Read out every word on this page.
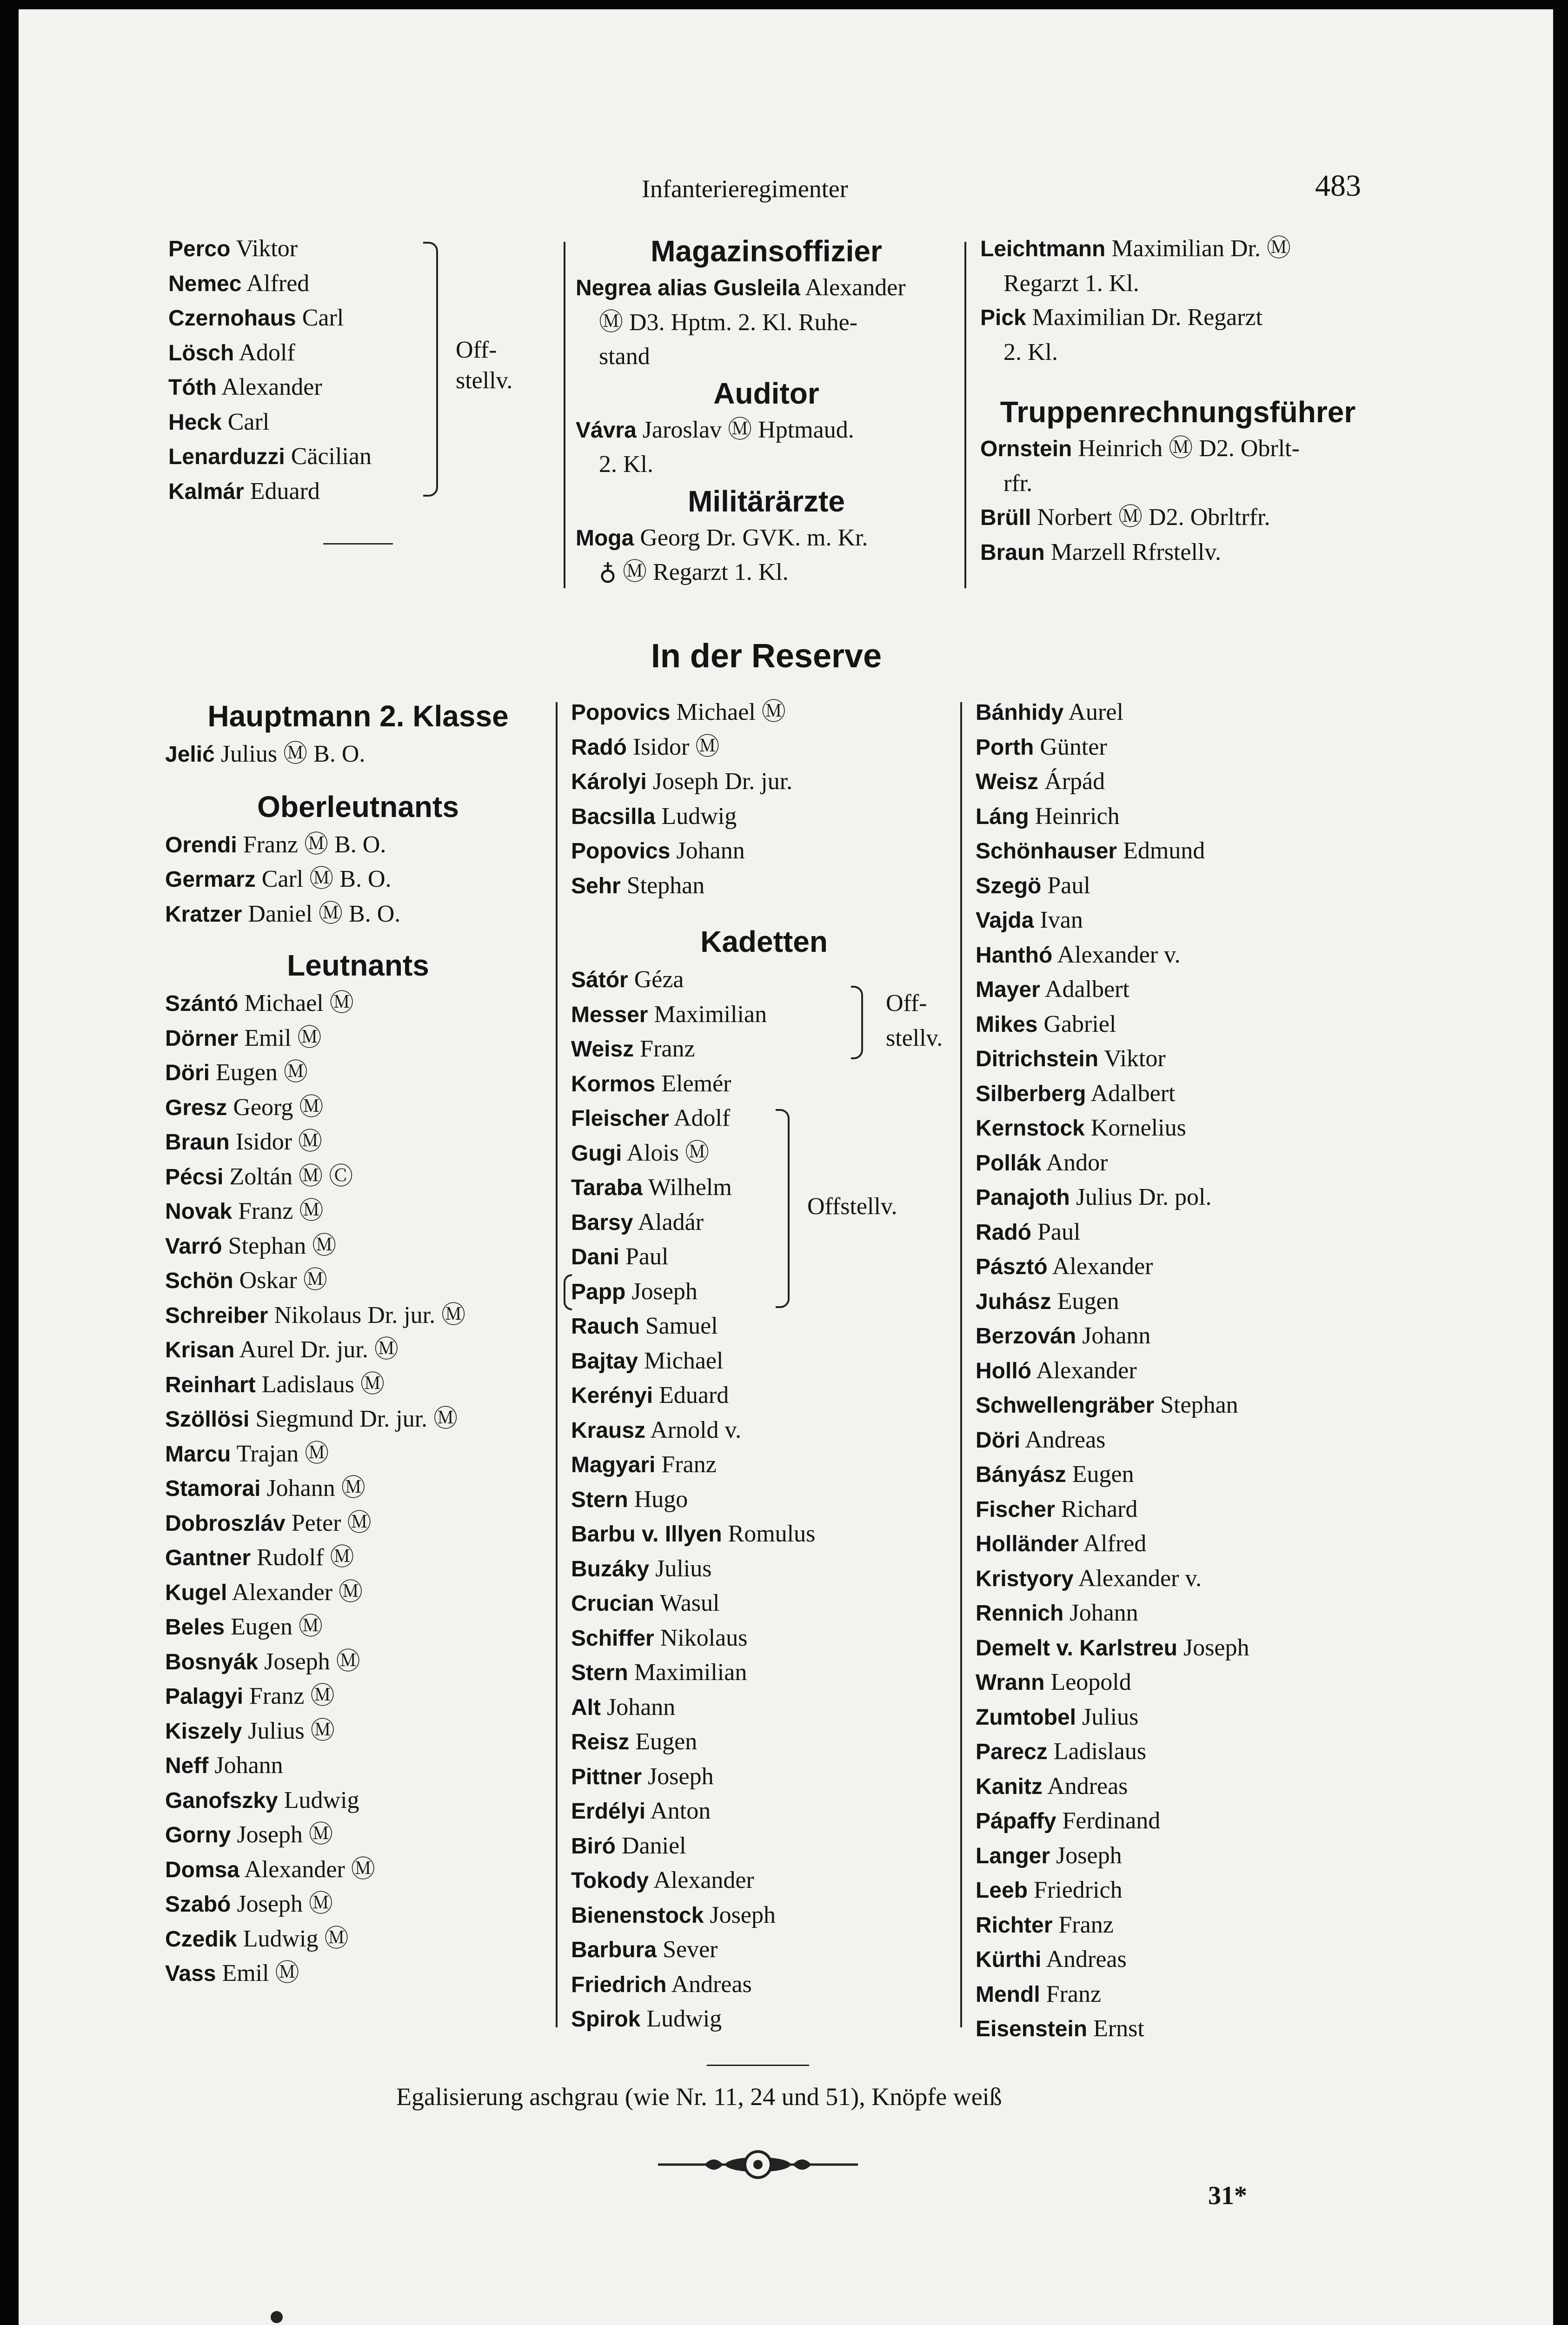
Infanterieregimenter	483
Perco Viktor
Nemec Alfred
Czernohaus Carl
Lösch Adolf
Tóth Alexander
Heck Carl
Lenarduzzi Cäcilian
Kalmár Eduard
Off-
stellv.
Magazinsoffizier
Negrea alias Gusleila Alexander
Ⓜ D3. Hptm. 2. Kl. Ruhe-
stand
Auditor
Vávra Jaroslav Ⓜ Hptmaud.
2. Kl.
Militärärzte
Moga Georg Dr. GVK. m. Kr.
♁ Ⓜ Regarzt 1. Kl.
Leichtmann Maximilian Dr. Ⓜ
Regarzt 1. Kl.
Pick Maximilian Dr. Regarzt
2. Kl.
Truppenrechnungsführer
Ornstein Heinrich Ⓜ D2. Obrlt-
rfr.
Brüll Norbert Ⓜ D2. Obrltrfr.
Braun Marzell Rfrstellv.
In der Reserve
Hauptmann 2. Klasse
Jelić Julius Ⓜ B. O.
Oberleutnants
Orendi Franz Ⓜ B. O.
Germarz Carl Ⓜ B. O.
Kratzer Daniel Ⓜ B. O.
Leutnants
Szántó Michael Ⓜ
Dörner Emil Ⓜ
Döri Eugen Ⓜ
Gresz Georg Ⓜ
Braun Isidor Ⓜ
Pécsi Zoltán Ⓜ Ⓒ
Novak Franz Ⓜ
Varró Stephan Ⓜ
Schön Oskar Ⓜ
Schreiber Nikolaus Dr. jur. Ⓜ
Krisan Aurel Dr. jur. Ⓜ
Reinhart Ladislaus Ⓜ
Szöllösi Siegmund Dr. jur. Ⓜ
Marcu Trajan Ⓜ
Stamorai Johann Ⓜ
Dobroszláv Peter Ⓜ
Gantner Rudolf Ⓜ
Kugel Alexander Ⓜ
Beles Eugen Ⓜ
Bosnyák Joseph Ⓜ
Palagyi Franz Ⓜ
Kiszely Julius Ⓜ
Neff Johann
Ganofszky Ludwig
Gorny Joseph Ⓜ
Domsa Alexander Ⓜ
Szabó Joseph Ⓜ
Czedik Ludwig Ⓜ
Vass Emil Ⓜ
Popovics Michael Ⓜ
Radó Isidor Ⓜ
Károlyi Joseph Dr. jur.
Bacsilla Ludwig
Popovics Johann
Sehr Stephan
Kadetten
Sátór Géza
Messer Maximilian
Weisz Franz
Kormos Elemér
Fleischer Adolf
Gugi Alois Ⓜ
Taraba Wilhelm
Barsy Aladár
Dani Paul
Papp Joseph
Rauch Samuel
Bajtay Michael
Kerényi Eduard
Krausz Arnold v.
Magyari Franz
Stern Hugo
Barbu v. Illyen Romulus
Buzáky Julius
Crucian Wasul
Schiffer Nikolaus
Stern Maximilian
Alt Johann
Reisz Eugen
Pittner Joseph
Erdélyi Anton
Biró Daniel
Tokody Alexander
Bienenstock Joseph
Barbura Sever
Friedrich Andreas
Spirok Ludwig
Off-
stellv.
Offstellv.
Bánhidy Aurel
Porth Günter
Weisz Árpád
Láng Heinrich
Schönhauser Edmund
Szegö Paul
Vajda Ivan
Hanthó Alexander v.
Mayer Adalbert
Mikes Gabriel
Ditrichstein Viktor
Silberberg Adalbert
Kernstock Kornelius
Pollák Andor
Panajoth Julius Dr. pol.
Radó Paul
Pásztó Alexander
Juhász Eugen
Berzován Johann
Holló Alexander
Schwellengräber Stephan
Döri Andreas
Bányász Eugen
Fischer Richard
Holländer Alfred
Kristyory Alexander v.
Rennich Johann
Demelt v. Karlstreu Joseph
Wrann Leopold
Zumtobel Julius
Parecz Ladislaus
Kanitz Andreas
Pápaffy Ferdinand
Langer Joseph
Leeb Friedrich
Richter Franz
Kürthi Andreas
Mendl Franz
Eisenstein Ernst
Egalisierung aschgrau (wie Nr. 11, 24 und 51), Knöpfe weiß
31*
